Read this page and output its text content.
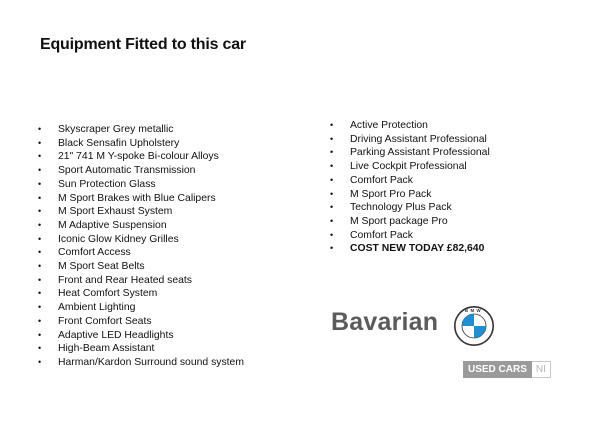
Equipment Fitted to this car
• Skyscraper Grey metallic
• Black Sensafin Upholstery
• 21" 741 M Y-spoke Bi-colour Alloys
• Sport Automatic Transmission
• Sun Protection Glass
• M Sport Brakes with Blue Calipers
• M Sport Exhaust System
• M Adaptive Suspension
• Iconic Glow Kidney Grilles
• Comfort Access
• M Sport Seat Belts
• Front and Rear Heated seats
• Heat Comfort System
• Ambient Lighting
• Front Comfort Seats
• Adaptive LED Headlights
• High-Beam Assistant
• Harman/Kardon Surround sound system
• Active Protection
• Driving Assistant Professional
• Parking Assistant Professional
• Live Cockpit Professional
• Comfort Pack
• M Sport Pro Pack
• Technology Plus Pack
• M Sport package Pro
• Comfort Pack
• COST NEW TODAY £82,640
Bavarian BMW
USED CARS NI
